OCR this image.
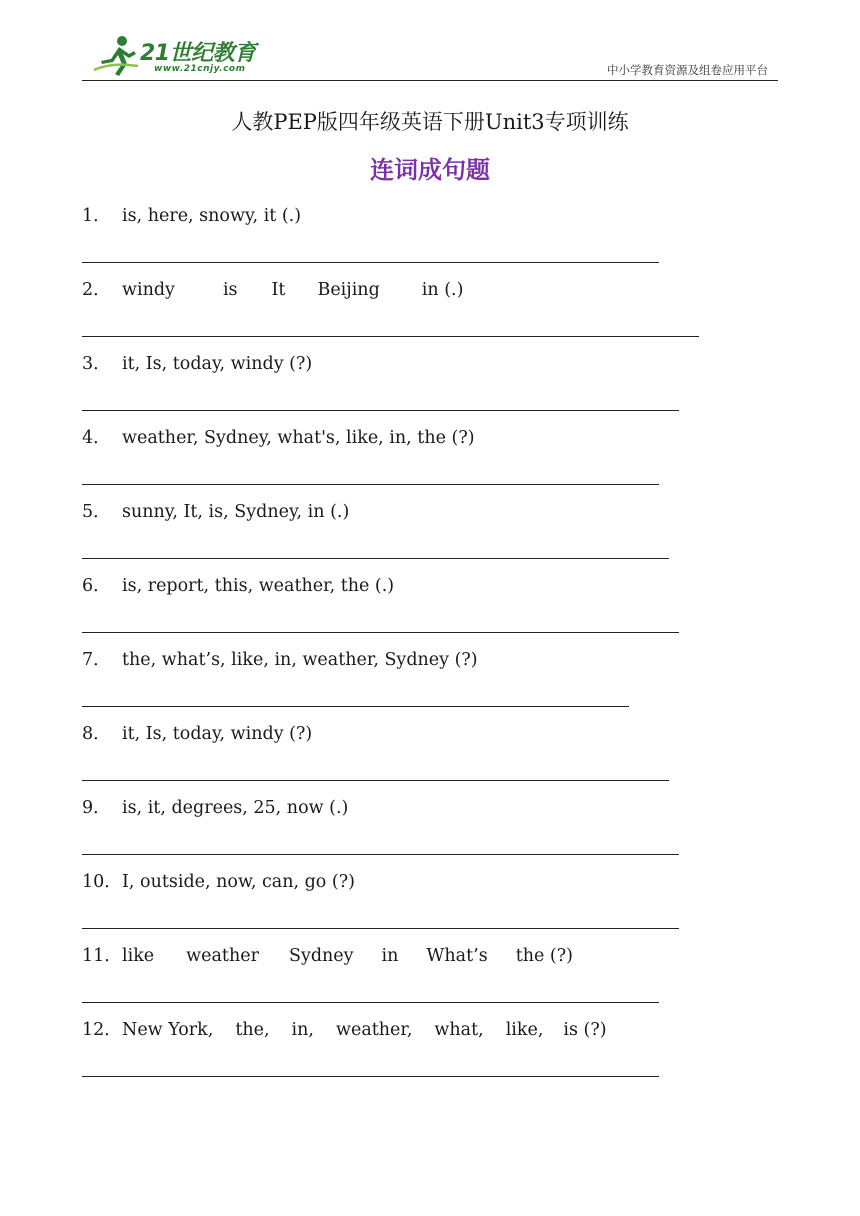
21世纪教育
www.21cnjy.com	中小学教育资源及组卷应用平台
人教PEP版四年级英语下册Unit3专项训练
连词成句题
1． is, here, snowy, it (.)
2． windy	is It Beijing in (.)
3． it, Is, today, windy (?)
4． weather, Sydney, what's, like, in, the (?)
5． sunny, It, is, Sydney, in (.)
6． is, report, this, weather, the (.)
7． the, what’s, like, in, weather, Sydney (?)
8． it, Is, today, windy (?)
9． is, it, degrees, 25, now (.)
10．I, outside, now, can, go (?)
11．like weather Sydney in What’s the (?)
12．New York, the, in, weather, what, like, is (?)
